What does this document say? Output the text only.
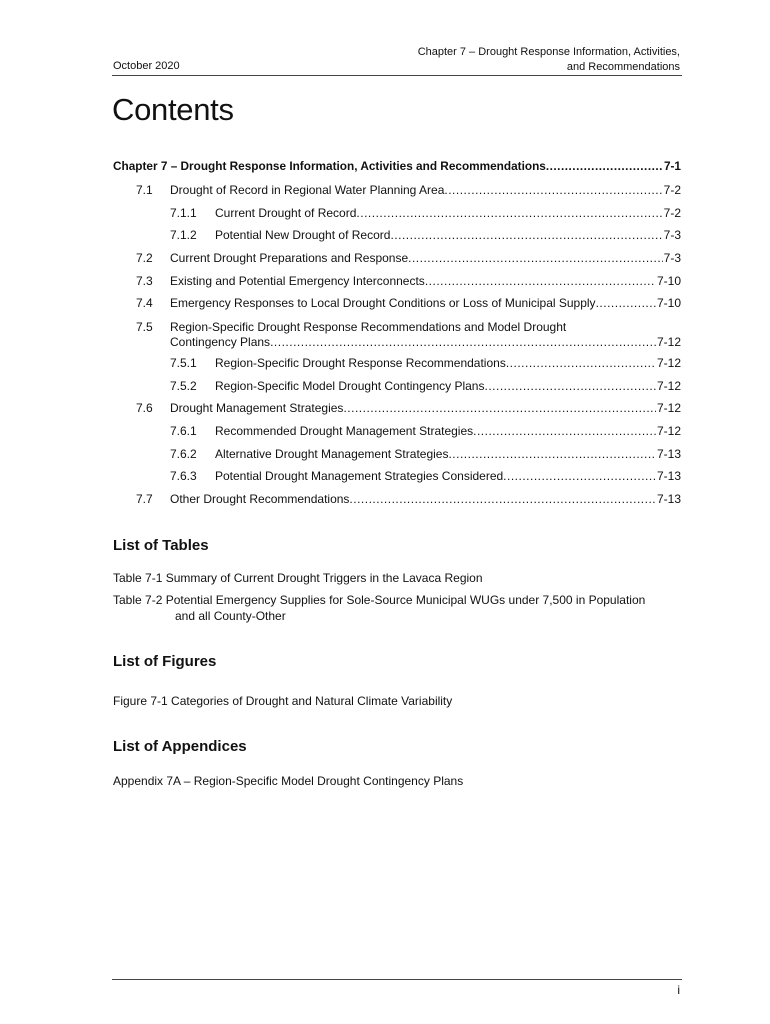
October 2020
Chapter 7 – Drought Response Information, Activities,
and Recommendations
Contents
Chapter 7 – Drought Response Information, Activities and Recommendations .....	7-1
7.1 Drought of Record in Regional Water Planning Area .....	7-2
7.1.1 Current Drought of Record .....	7-2
7.1.2 Potential New Drought of Record .....	7-3
7.2 Current Drought Preparations and Response .....	7-3
7.3 Existing and Potential Emergency Interconnects .....	7-10
7.4 Emergency Responses to Local Drought Conditions or Loss of Municipal Supply .....	7-10
7.5 Region-Specific Drought Response Recommendations and Model Drought
Contingency Plans .....	7-12
7.5.1 Region-Specific Drought Response Recommendations .....	7-12
7.5.2 Region-Specific Model Drought Contingency Plans .....	7-12
7.6 Drought Management Strategies .....	7-12
7.6.1 Recommended Drought Management Strategies .....	7-12
7.6.2 Alternative Drought Management Strategies .....	7-13
7.6.3 Potential Drought Management Strategies Considered .....	7-13
7.7 Other Drought Recommendations .....	7-13
List of Tables
Table 7-1 Summary of Current Drought Triggers in the Lavaca Region
Table 7-2 Potential Emergency Supplies for Sole-Source Municipal WUGs under 7,500 in Population
and all County-Other
List of Figures
Figure 7-1 Categories of Drought and Natural Climate Variability
List of Appendices
Appendix 7A – Region-Specific Model Drought Contingency Plans
i
